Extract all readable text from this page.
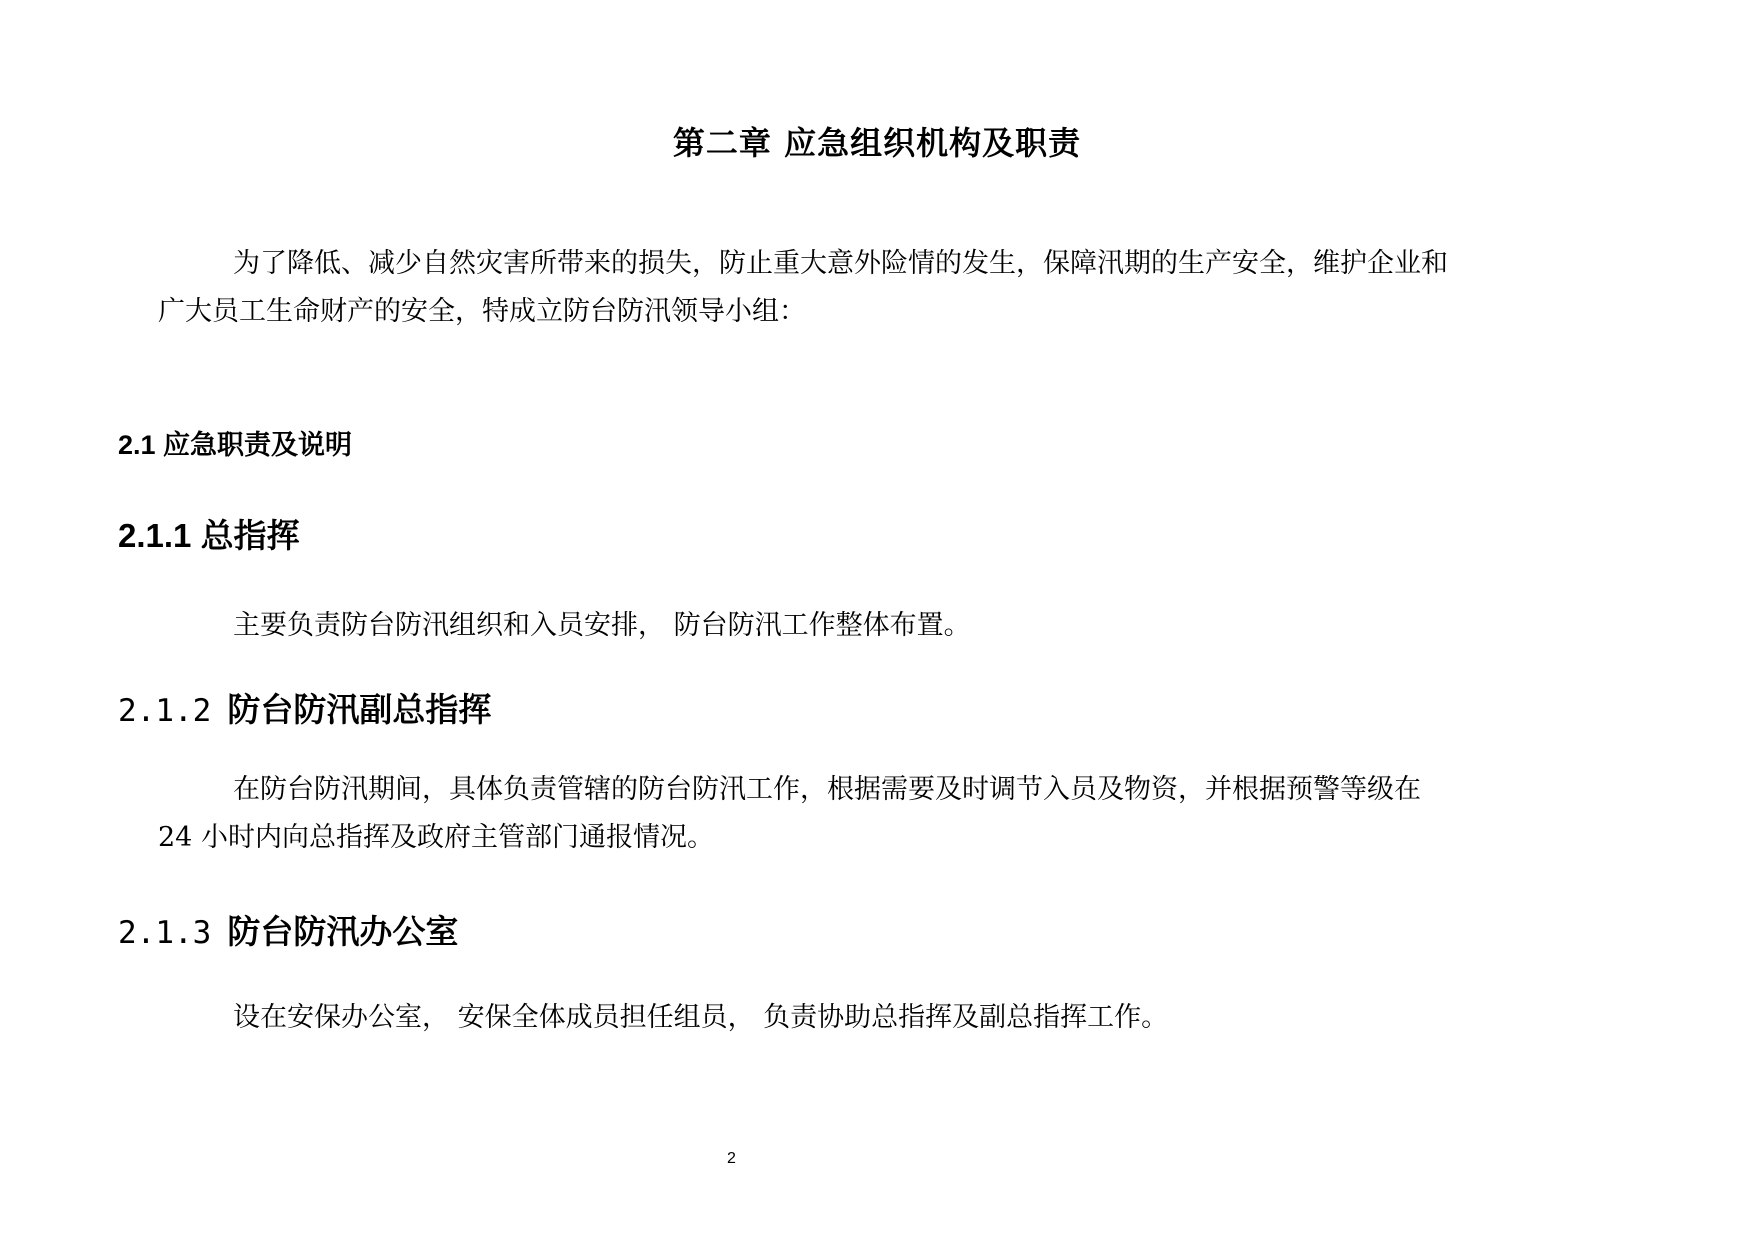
第二章 应急组织机构及职责

为了降低、减少自然灾害所带来的损失，防止重大意外险情的发生，保障汛期的生产安全，维护企业和广大员工生命财产的安全，特成立防台防汛领导小组：

2.1 应急职责及说明
2.1.1 总指挥

主要负责防台防汛组织和入员安排， 防台防汛工作整体布置。

2.1.2 防台防汛副总指挥

在防台防汛期间，具体负责管辖的防台防汛工作，根据需要及时调节入员及物资，并根据预警等级在 24 小时内向总指挥及政府主管部门通报情况。

2.1.3 防台防汛办公室

设在安保办公室， 安保全体成员担任组员， 负责协助总指挥及副总指挥工作。

2
